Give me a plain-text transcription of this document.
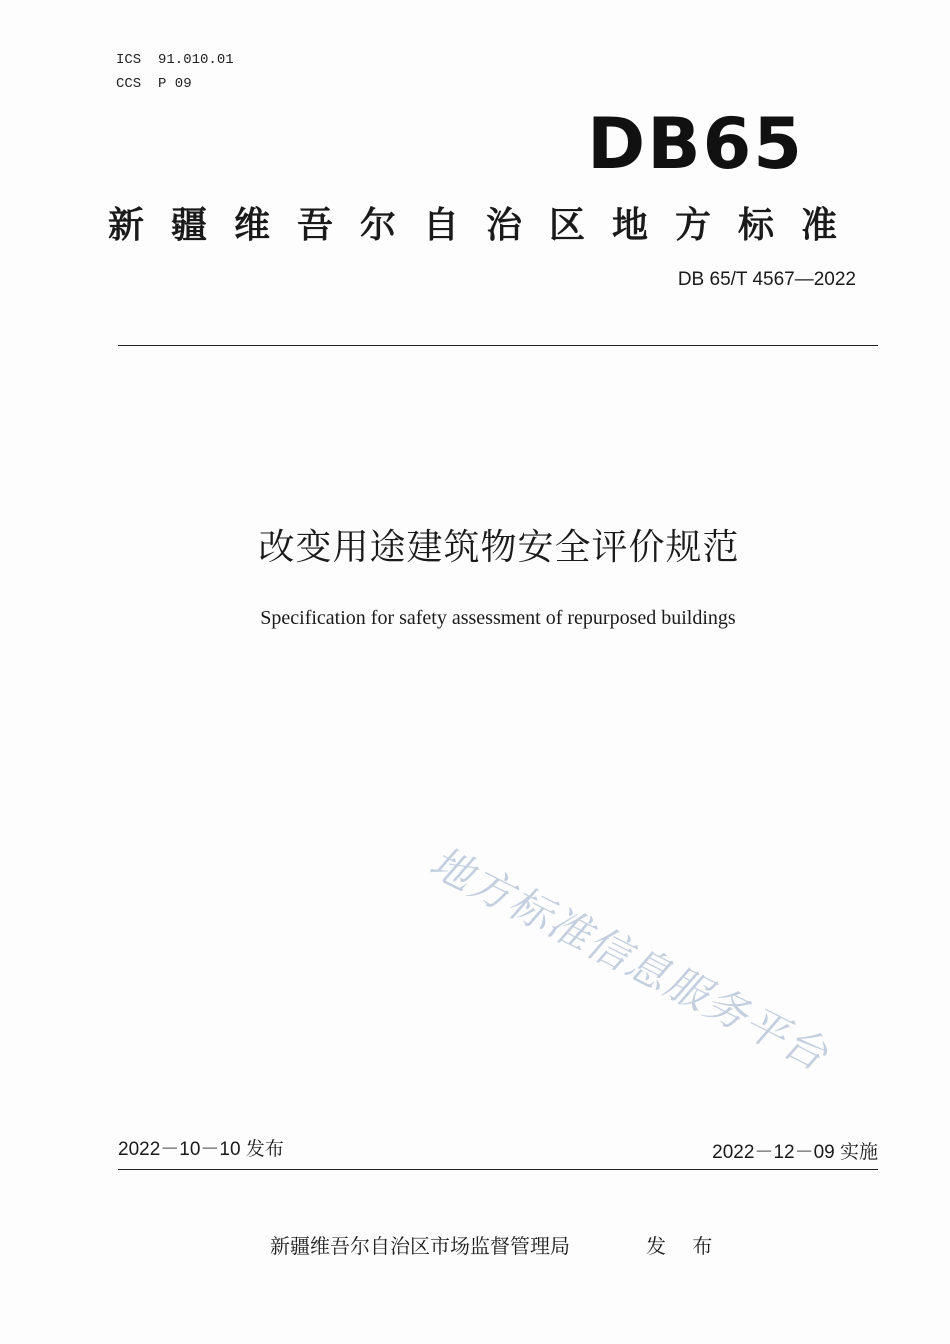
ICS  91.010.01
CCS  P 09
DB65
新疆维吾尔自治区地方标准
DB 65/T 4567—2022
改变用途建筑物安全评价规范
Specification for safety assessment of repurposed buildings
地方标准信息服务平台
2022－10－10 发布	2022－12－09 实施
新疆维吾尔自治区市场监督管理局	发 布
